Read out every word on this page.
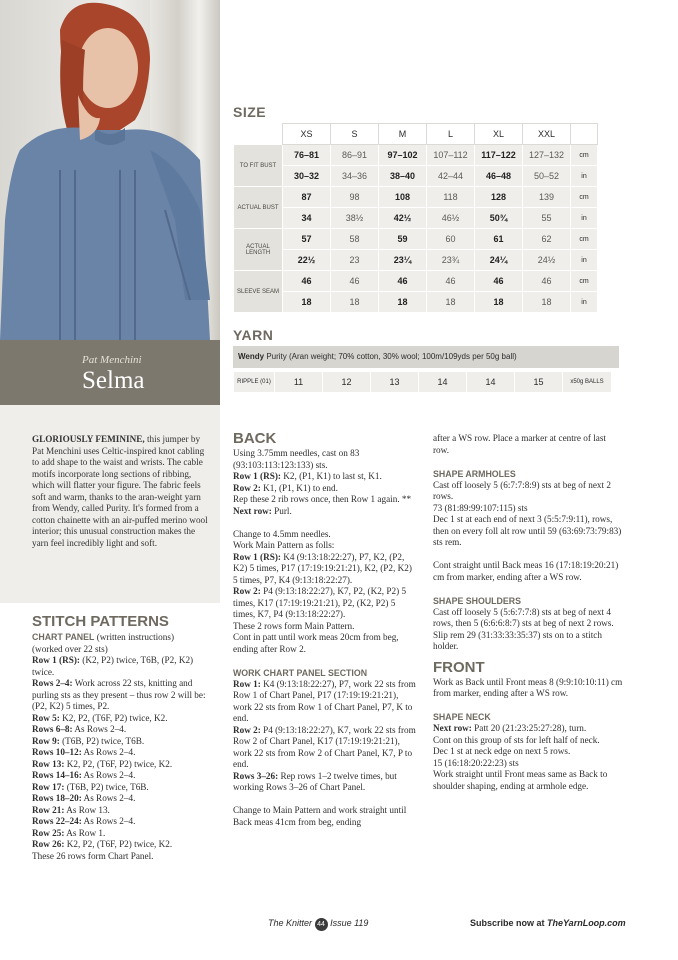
Pat Menchini
Selma
SIZE
	XS	S	M	L	XL	XXL	
TO FIT BUST	76–81	86–91	97–102	107–112	117–122	127–132	cm
	30–32	34–36	38–40	42–44	46–48	50–52	in
ACTUAL BUST	87	98	108	118	128	139	cm
	34	38½	42½	46½	50¾	55	in
ACTUAL LENGTH	57	58	59	60	61	62	cm
	22½	23	23¼	23¾	24¼	24½	in
SLEEVE SEAM	46	46	46	46	46	46	cm
	18	18	18	18	18	18	in
YARN
Wendy Purity (Aran weight; 70% cotton, 30% wool; 100m/109yds per 50g ball)
RIPPLE (01)	11	12	13	14	14	15	x50g BALLS

GLORIOUSLY FEMININE, this jumper by Pat Menchini uses Celtic-inspired knot cabling to add shape to the waist and wrists. The cable motifs incorporate long sections of ribbing, which will flatter your figure. The fabric feels soft and warm, thanks to the aran-weight yarn from Wendy, called Purity. It's formed from a cotton chainette with an air-puffed merino wool interior; this unusual construction makes the yarn feel incredibly light and soft.

STITCH PATTERNS

CHART PANEL (written instructions)

(worked over 22 sts)

Row 1 (RS): (K2, P2) twice, T6B, (P2, K2) twice.

Rows 2–4: Work across 22 sts, knitting and purling sts as they present – thus row 2 will be: (P2, K2) 5 times, P2.

Row 5: K2, P2, (T6F, P2) twice, K2.

Rows 6–8: As Rows 2–4.

Row 9: (T6B, P2) twice, T6B.

Rows 10–12: As Rows 2–4.

Row 13: K2, P2, (T6F, P2) twice, K2.

Rows 14–16: As Rows 2–4.

Row 17: (T6B, P2) twice, T6B.

Rows 18–20: As Rows 2–4.

Row 21: As Row 13.

Rows 22–24: As Rows 2–4.

Row 25: As Row 1.

Row 26: K2, P2, (T6F, P2) twice, K2.

These 26 rows form Chart Panel.

BACK

Using 3.75mm needles, cast on 83 (93:103:113:123:133) sts.

Row 1 (RS): K2, (P1, K1) to last st, K1.

Row 2: K1, (P1, K1) to end.

Rep these 2 rib rows once, then Row 1 again. **

Next row: Purl.

Change to 4.5mm needles.

Work Main Pattern as folls:

Row 1 (RS): K4 (9:13:18:22:27), P7, K2, (P2, K2) 5 times, P17 (17:19:19:21:21), K2, (P2, K2) 5 times, P7, K4 (9:13:18:22:27).

Row 2: P4 (9:13:18:22:27), K7, P2, (K2, P2) 5 times, K17 (17:19:19:21:21), P2, (K2, P2) 5 times, K7, P4 (9:13:18:22:27).

These 2 rows form Main Pattern.

Cont in patt until work meas 20cm from beg, ending after Row 2.

WORK CHART PANEL SECTION

Row 1: K4 (9:13:18:22:27), P7, work 22 sts from Row 1 of Chart Panel, P17 (17:19:19:21:21), work 22 sts from Row 1 of Chart Panel, P7, K to end.

Row 2: P4 (9:13:18:22:27), K7, work 22 sts from Row 2 of Chart Panel, K17 (17:19:19:21:21), work 22 sts from Row 2 of Chart Panel, K7, P to end.

Rows 3–26: Rep rows 1–2 twelve times, but working Rows 3–26 of Chart Panel.

Change to Main Pattern and work straight until Back meas 41cm from beg, ending

after a WS row. Place a marker at centre of last row.

SHAPE ARMHOLES

Cast off loosely 5 (6:7:7:8:9) sts at beg of next 2 rows.
73 (81:89:99:107:115) sts
Dec 1 st at each end of next 3 (5:5:7:9:11), rows, then on every foll alt row until 59 (63:69:73:79:83) sts rem.

Cont straight until Back meas 16 (17:18:19:20:21) cm from marker, ending after a WS row.

SHAPE SHOULDERS

Cast off loosely 5 (5:6:7:7:8) sts at beg of next 4 rows, then 5 (6:6:6:8:7) sts at beg of next 2 rows.
Slip rem 29 (31:33:33:35:37) sts on to a stitch holder.

FRONT

Work as Back until Front meas 8 (9:9:10:10:11) cm from marker, ending after a WS row.

SHAPE NECK

Next row: Patt 20 (21:23:25:27:28), turn.
Cont on this group of sts for left half of neck.
Dec 1 st at neck edge on next 5 rows.
15 (16:18:20:22:23) sts
Work straight until Front meas same as Back to shoulder shaping, ending at armhole edge.

The Knitter 44 Issue 119	Subscribe now at TheYarnLoop.com
